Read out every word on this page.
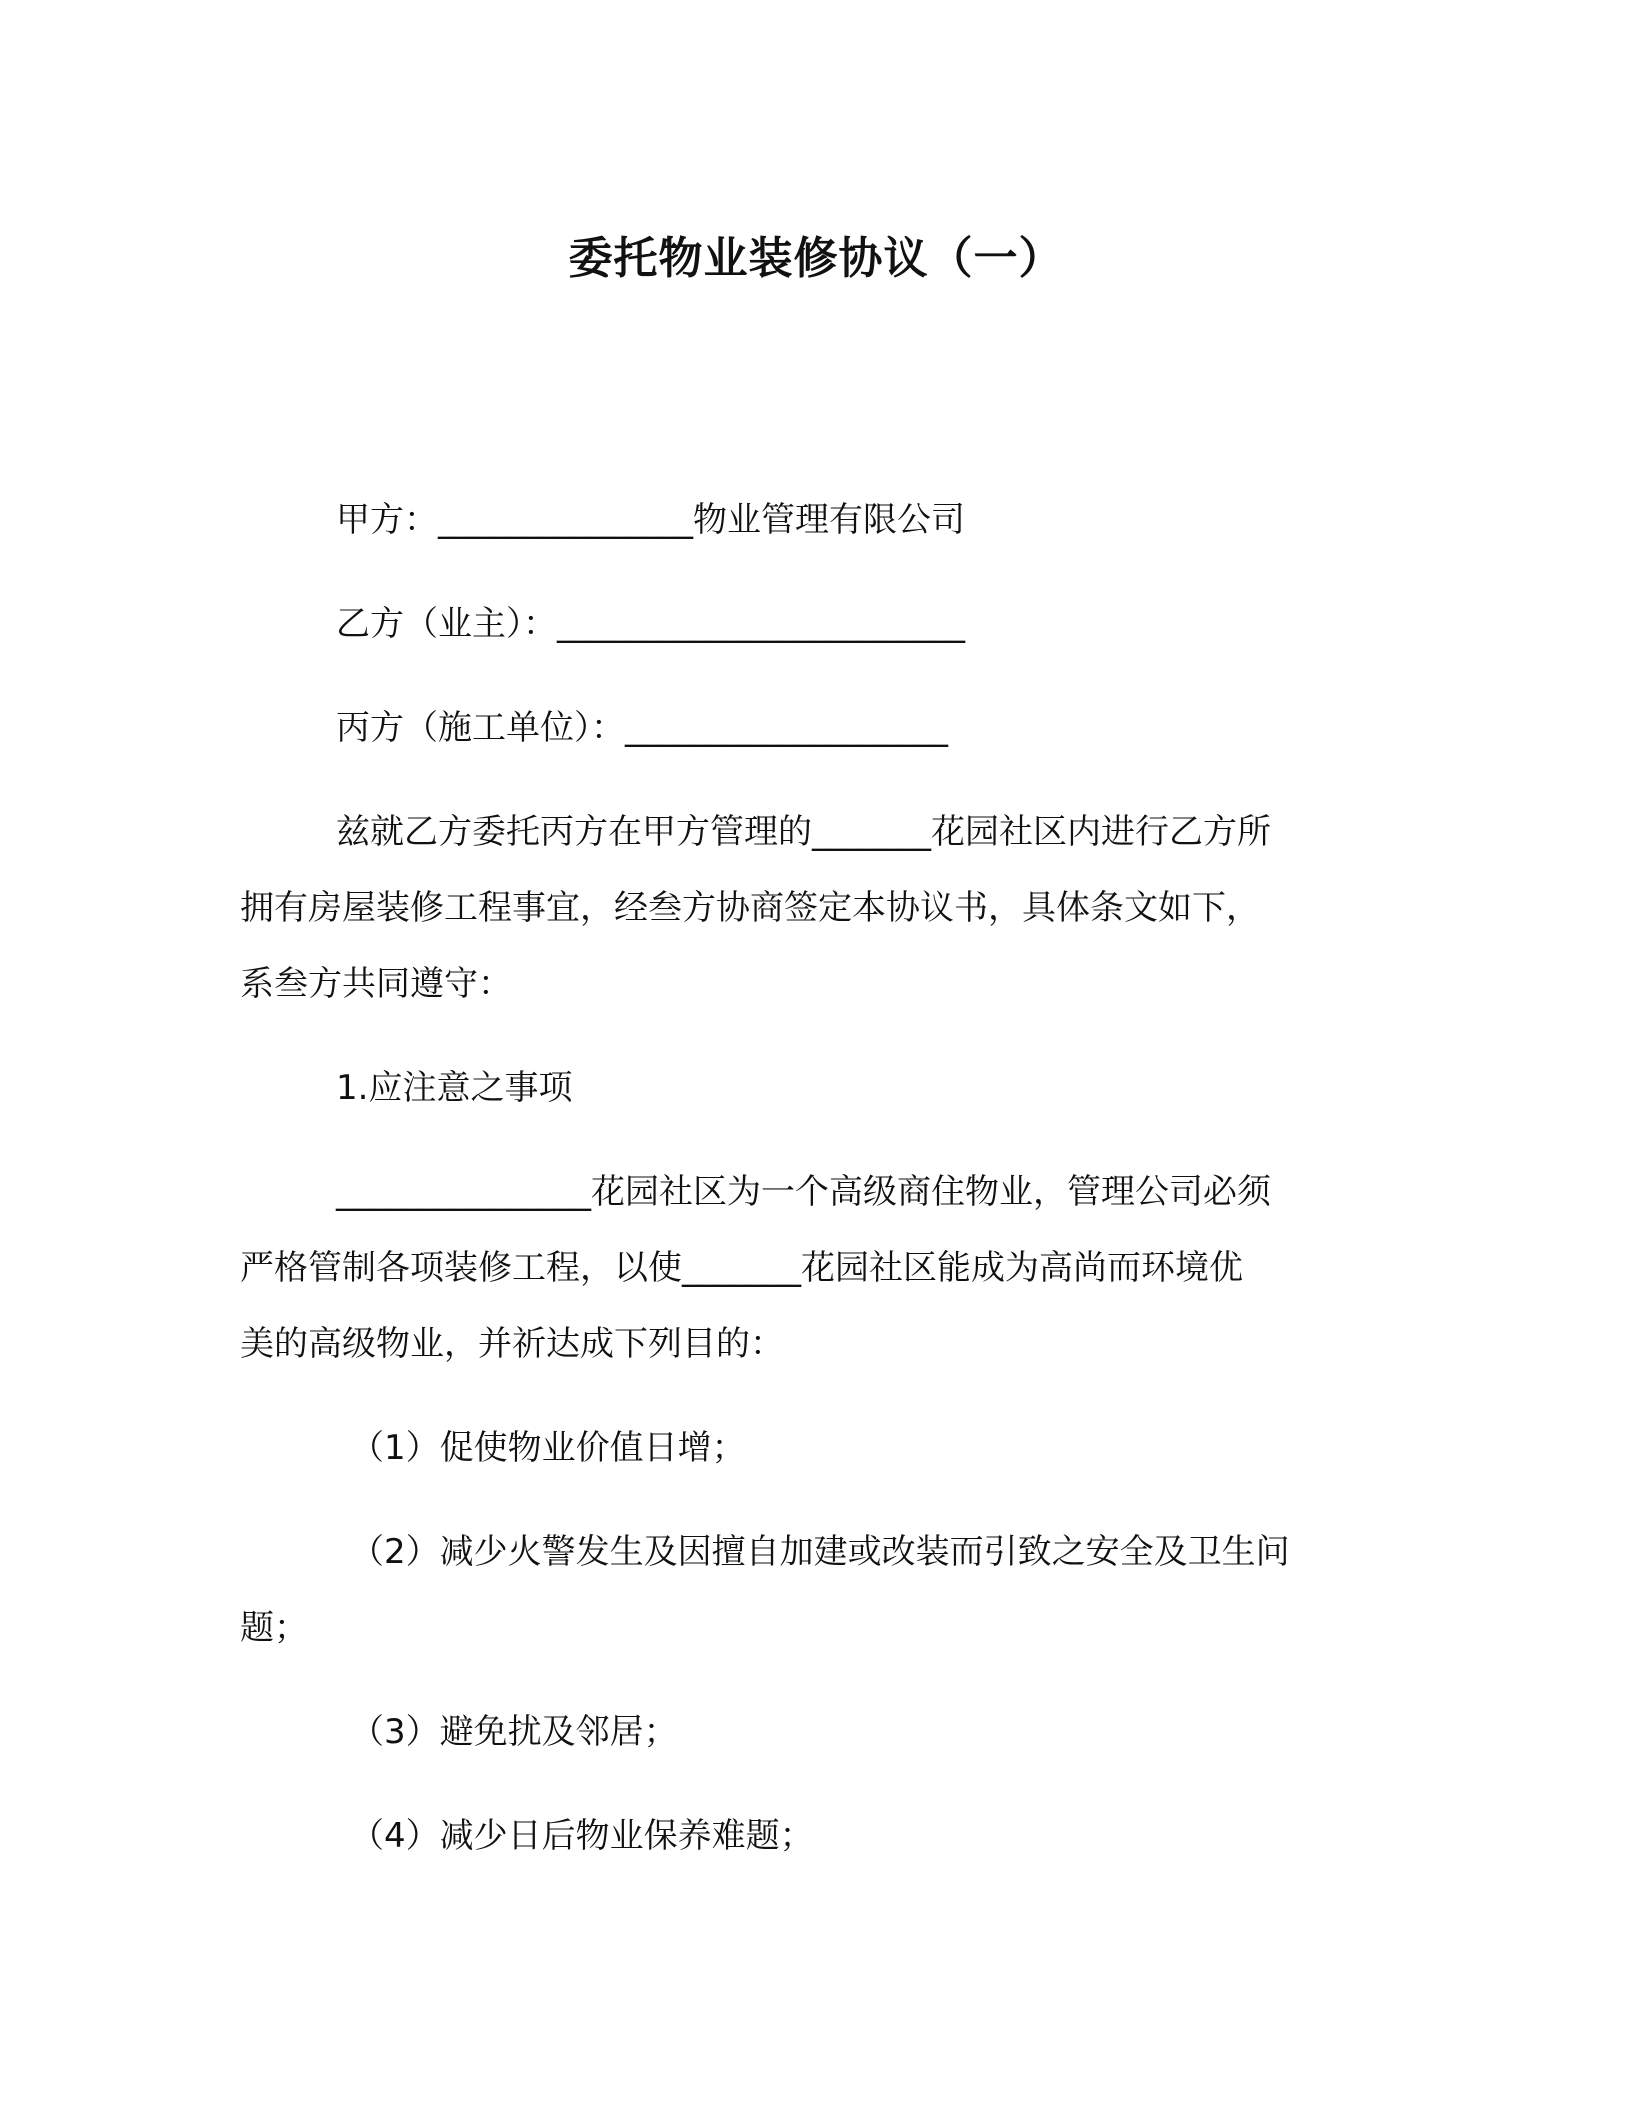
委托物业装修协议（一）
甲方：_______________物业管理有限公司
乙方（业主）：________________________
丙方（施工单位）：___________________
兹就乙方委托丙方在甲方管理的_______花园社区内进行乙方所
拥有房屋装修工程事宜，经叁方协商签定本协议书，具体条文如下，
系叁方共同遵守：
1.应注意之事项
_______________花园社区为一个高级商住物业，管理公司必须
严格管制各项装修工程，以使_______花园社区能成为高尚而环境优
美的高级物业，并祈达成下列目的：
（1）促使物业价值日增；
（2）减少火警发生及因擅自加建或改装而引致之安全及卫生问
题；
（3）避免扰及邻居；
（4）减少日后物业保养难题；
